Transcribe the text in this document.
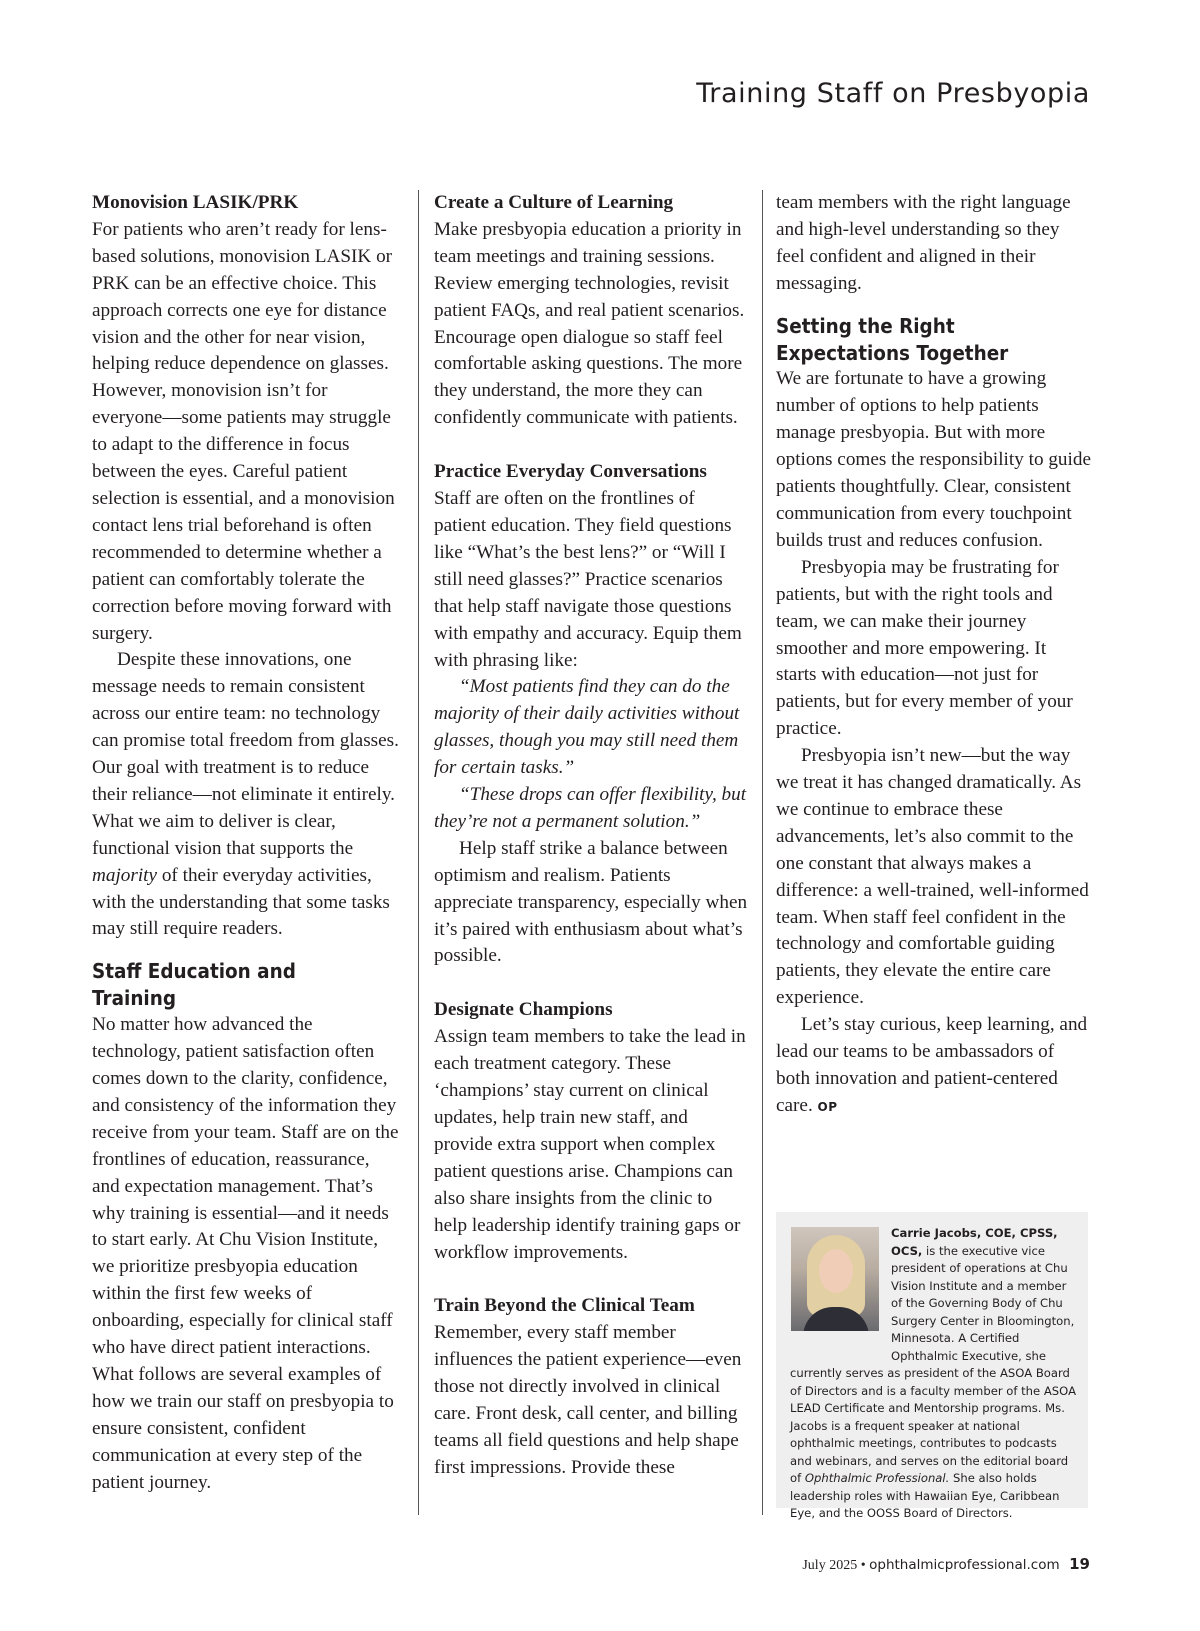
Training Staff on Presbyopia
Monovision LASIK/PRK

For patients who aren’t ready for lens-based solutions, monovision LASIK or PRK can be an effective choice. This approach corrects one eye for distance vision and the other for near vision, helping reduce dependence on glasses. However, monovision isn’t for everyone—some patients may struggle to adapt to the difference in focus between the eyes. Careful patient selection is essential, and a monovision contact lens trial beforehand is often recommended to determine whether a patient can comfortably tolerate the correction before moving forward with surgery.

Despite these innovations, one message needs to remain consistent across our entire team: no technology can promise total freedom from glasses. Our goal with treatment is to reduce their reliance—not eliminate it entirely. What we aim to deliver is clear, functional vision that supports the majority of their everyday activities, with the understanding that some tasks may still require readers.

Staff Education and Training

No matter how advanced the technology, patient satisfaction often comes down to the clarity, confidence, and consistency of the information they receive from your team. Staff are on the frontlines of education, reassurance, and expectation management. That’s why training is essential—and it needs to start early. At Chu Vision Institute, we prioritize presbyopia education within the first few weeks of onboarding, especially for clinical staff who have direct patient interactions. What follows are several examples of how we train our staff on presbyopia to ensure consistent, confident communication at every step of the patient journey.

Create a Culture of Learning

Make presbyopia education a priority in team meetings and training sessions. Review emerging technologies, revisit patient FAQs, and real patient scenarios. Encourage open dialogue so staff feel comfortable asking questions. The more they understand, the more they can confidently communicate with patients.

Practice Everyday Conversations

Staff are often on the frontlines of patient education. They field questions like “What’s the best lens?” or “Will I still need glasses?” Practice scenarios that help staff navigate those questions with empathy and accuracy. Equip them with phrasing like:

“Most patients find they can do the majority of their daily activities without glasses, though you may still need them for certain tasks.”

“These drops can offer flexibility, but they’re not a permanent solution.”

Help staff strike a balance between optimism and realism. Patients appreciate transparency, especially when it’s paired with enthusiasm about what’s possible.

Designate Champions

Assign team members to take the lead in each treatment category. These ‘champions’ stay current on clinical updates, help train new staff, and provide extra support when complex patient questions arise. Champions can also share insights from the clinic to help leadership identify training gaps or workflow improvements.

Train Beyond the Clinical Team

Remember, every staff member influences the patient experience—even those not directly involved in clinical care. Front desk, call center, and billing teams all field questions and help shape first impressions. Provide these

team members with the right language and high-level understanding so they feel confident and aligned in their messaging.

Setting the Right Expectations Together

We are fortunate to have a growing number of options to help patients manage presbyopia. But with more options comes the responsibility to guide patients thoughtfully. Clear, consistent communication from every touchpoint builds trust and reduces confusion.

Presbyopia may be frustrating for patients, but with the right tools and team, we can make their journey smoother and more empowering. It starts with education—not just for patients, but for every member of your practice.

Presbyopia isn’t new—but the way we treat it has changed dramatically. As we continue to embrace these advancements, let’s also commit to the one constant that always makes a difference: a well-trained, well-informed team. When staff feel confident in the technology and comfortable guiding patients, they elevate the entire care experience.

Let’s stay curious, keep learning, and lead our teams to be ambassadors of both innovation and patient-centered care. OP

Carrie Jacobs, COE, CPSS, OCS, is the executive vice president of operations at Chu Vision Institute and a member of the Governing Body of Chu Surgery Center in Bloomington, Minnesota. A Certified Ophthalmic Executive, she currently serves as president of the ASOA Board of Directors and is a faculty member of the ASOA LEAD Certificate and Mentorship programs. Ms. Jacobs is a frequent speaker at national ophthalmic meetings, contributes to podcasts and webinars, and serves on the editorial board of Ophthalmic Professional. She also holds leadership roles with Hawaiian Eye, Caribbean Eye, and the OOSS Board of Directors.
July 2025 • ophthalmicprofessional.com 19
